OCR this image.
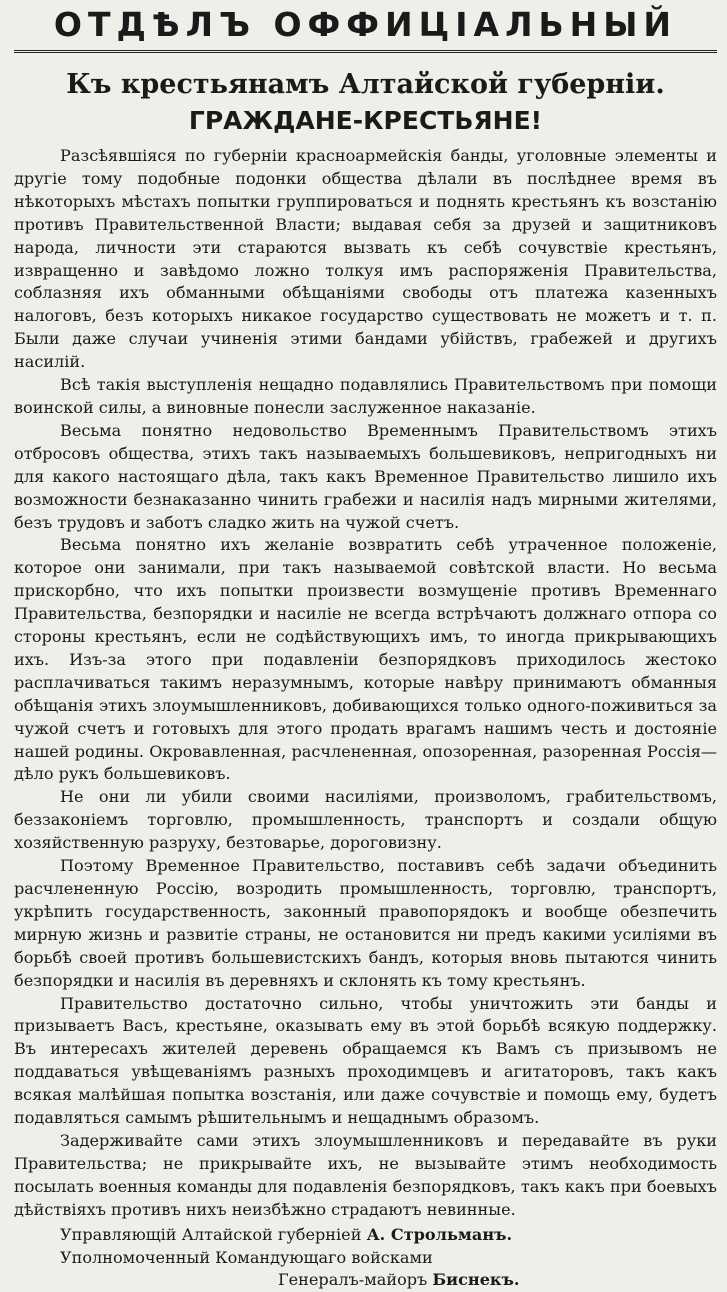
ОТДѢЛЪ ОФФИЦІАЛЬНЫЙ
Къ крестьянамъ Алтайской губерніи.
ГРАЖДАНЕ-КРЕСТЬЯНЕ!

Разсѣявшіяся по губерніи красноармейскія банды, уголовные элементы и другіе тому подобные подонки общества дѣлали въ послѣднее время въ нѣкоторыхъ мѣстахъ попытки группироваться и поднять крестьянъ къ возстанію противъ Правительственной Власти; выдавая себя за друзей и защитниковъ народа, личности эти стараются вызвать къ себѣ сочувствіе крестьянъ, извращенно и завѣдомо ложно толкуя имъ распоряженія Правительства, соблазняя ихъ обманными обѣщаніями свободы отъ платежа казенныхъ налоговъ, безъ которыхъ никакое государство существовать не можетъ и т. п. Были даже случаи учиненія этими бандами убійствъ, грабежей и другихъ насилій.

Всѣ такія выступленія нещадно подавлялись Правительствомъ при помощи воинской силы, а виновные понесли заслуженное наказаніе.

Весьма понятно недовольство Временнымъ Правительствомъ этихъ отбросовъ общества, этихъ такъ называемыхъ большевиковъ, непригодныхъ ни для какого настоящаго дѣла, такъ какъ Временное Правительство лишило ихъ возможности безнаказанно чинить грабежи и насилія надъ мирными жителями, безъ трудовъ и заботъ сладко жить на чужой счетъ.

Весьма понятно ихъ желаніе возвратить себѣ утраченное положеніе, которое они занимали, при такъ называемой совѣтской власти. Но весьма прискорбно, что ихъ попытки произвести возмущеніе противъ Временнаго Правительства, безпорядки и насиліе не всегда встрѣчаютъ должнаго отпора со стороны крестьянъ, если не содѣйствующихъ имъ, то иногда прикрывающихъ ихъ. Изъ-за этого при подавленіи безпорядковъ приходилось жестоко расплачиваться такимъ неразумнымъ, которые навѣру принимаютъ обманныя обѣщанія этихъ злоумышленниковъ, добивающихся только одного-поживиться за чужой счетъ и готовыхъ для этого продать врагамъ нашимъ честь и достояніе нашей родины. Окровавленная, расчлененная, опозоренная, разоренная Россія—дѣло рукъ большевиковъ.

Не они ли убили своими насиліями, произволомъ, грабительствомъ, беззаконіемъ торговлю, промышленность, транспортъ и создали общую хозяйственную разруху, безтоварье, дороговизну.

Поэтому Временное Правительство, поставивъ себѣ задачи объединить расчлененную Россію, возродить промышленность, торговлю, транспортъ, укрѣпить государственность, законный правопорядокъ и вообще обезпечить мирную жизнь и развитіе страны, не остановится ни предъ какими усиліями въ борьбѣ своей противъ большевистскихъ бандъ, которыя вновь пытаются чинить безпорядки и насилія въ деревняхъ и склонять къ тому крестьянъ.

Правительство достаточно сильно, чтобы уничтожить эти банды и призываетъ Васъ, крестьяне, оказывать ему въ этой борьбѣ всякую поддержку. Въ интересахъ жителей деревень обращаемся къ Вамъ съ призывомъ не поддаваться увѣщеваніямъ разныхъ проходимцевъ и агитаторовъ, такъ какъ всякая малѣйшая попытка возстанія, или даже сочувствіе и помощь ему, будетъ подавляться самымъ рѣшительнымъ и нещаднымъ образомъ.

Задерживайте сами этихъ злоумышленниковъ и передавайте въ руки Правительства; не прикрывайте ихъ, не вызывайте этимъ необходимость посылать военныя команды для подавленія безпорядковъ, такъ какъ при боевыхъ дѣйствіяхъ противъ нихъ неизбѣжно страдаютъ невинные.

Управляющій Алтайской губерніей А. Строльманъ.

Уполномоченный Командующаго войсками

Генералъ-майоръ Биснекъ.
